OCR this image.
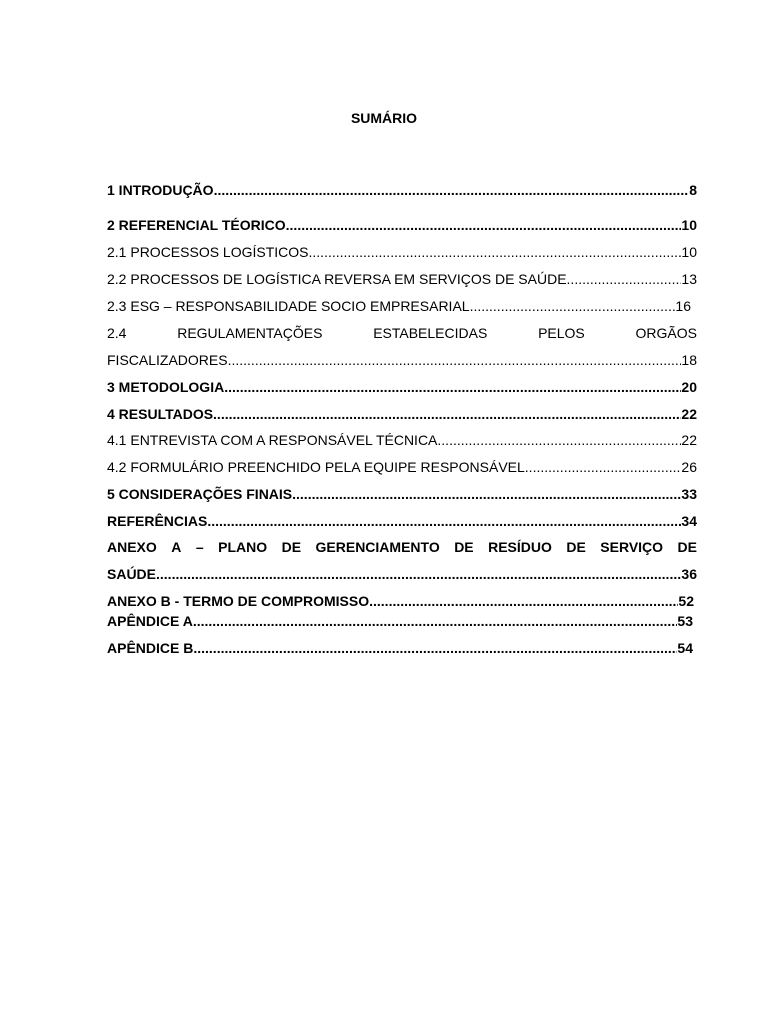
SUMÁRIO
1 INTRODUÇÃO .....	8
2 REFERENCIAL TÉORICO .....	10
2.1 PROCESSOS LOGÍSTICOS .....	10
2.2 PROCESSOS DE LOGÍSTICA REVERSA EM SERVIÇOS DE SAÚDE .....	13
2.3 ESG – RESPONSABILIDADE SOCIO EMPRESARIAL .....	16
2.4	REGULAMENTAÇÕES	ESTABELECIDAS	PELOS	ORGÃOS
FISCALIZADORES .....	18
3 METODOLOGIA .....	20
4 RESULTADOS .....	22
4.1 ENTREVISTA COM A RESPONSÁVEL TÉCNICA .....	22
4.2 FORMULÁRIO PREENCHIDO PELA EQUIPE RESPONSÁVEL .....	26
5 CONSIDERAÇÕES FINAIS .....	33
REFERÊNCIAS .....	34
ANEXO A – PLANO DE GERENCIAMENTO DE RESÍDUO DE SERVIÇO DE
SAÚDE .....	36
ANEXO B - TERMO DE COMPROMISSO .....	52
APÊNDICE A .....	53
APÊNDICE B .....	54
